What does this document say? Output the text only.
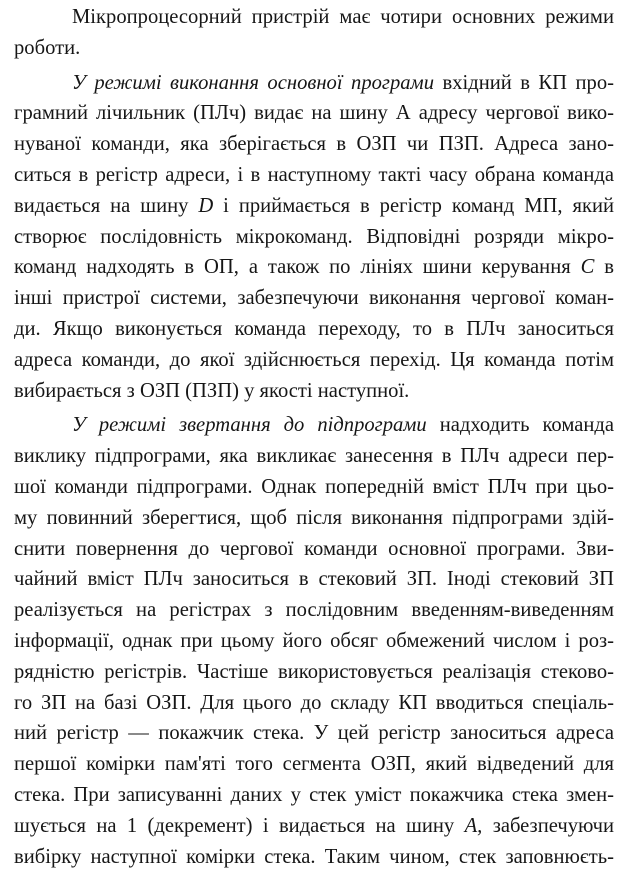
Мікропроцесорний пристрій має чотири основних режими
роботи.
У режимі виконання основної програми вхідний в КП про-
грамний лічильник (ПЛч) видає на шину А адресу чергової вико-
нуваної команди, яка зберігається в ОЗП чи ПЗП. Адреса зано-
ситься в регістр адреси, і в наступному такті часу обрана команда
видається на шину D і приймається в регістр команд МП, який
створює послідовність мікрокоманд. Відповідні розряди мікро-
команд надходять в ОП, а також по лініях шини керування C в
інші пристрої системи, забезпечуючи виконання чергової коман-
ди. Якщо виконується команда переходу, то в ПЛч заноситься
адреса команди, до якої здійснюється перехід. Ця команда потім
вибирається з ОЗП (ПЗП) у якості наступної.
У режимі звертання до підпрограми надходить команда
виклику підпрограми, яка викликає занесення в ПЛч адреси пер-
шої команди підпрограми. Однак попередній вміст ПЛч при цьо-
му повинний зберегтися, щоб після виконання підпрограми здій-
снити повернення до чергової команди основної програми. Зви-
чайний вміст ПЛч заноситься в стековий ЗП. Іноді стековий ЗП
реалізується на регістрах з послідовним введенням-виведенням
інформації, однак при цьому його обсяг обмежений числом і роз-
рядністю регістрів. Частіше використовується реалізація стеково-
го ЗП на базі ОЗП. Для цього до складу КП вводиться спеціаль-
ний регістр — покажчик стека. У цей регістр заноситься адреса
першої комірки пам'яті того сегмента ОЗП, який відведений для
стека. При записуванні даних у стек уміст покажчика стека змен-
шується на 1 (декремент) і видається на шину A, забезпечуючи
вибірку наступної комірки стека. Таким чином, стек заповнюєть-
